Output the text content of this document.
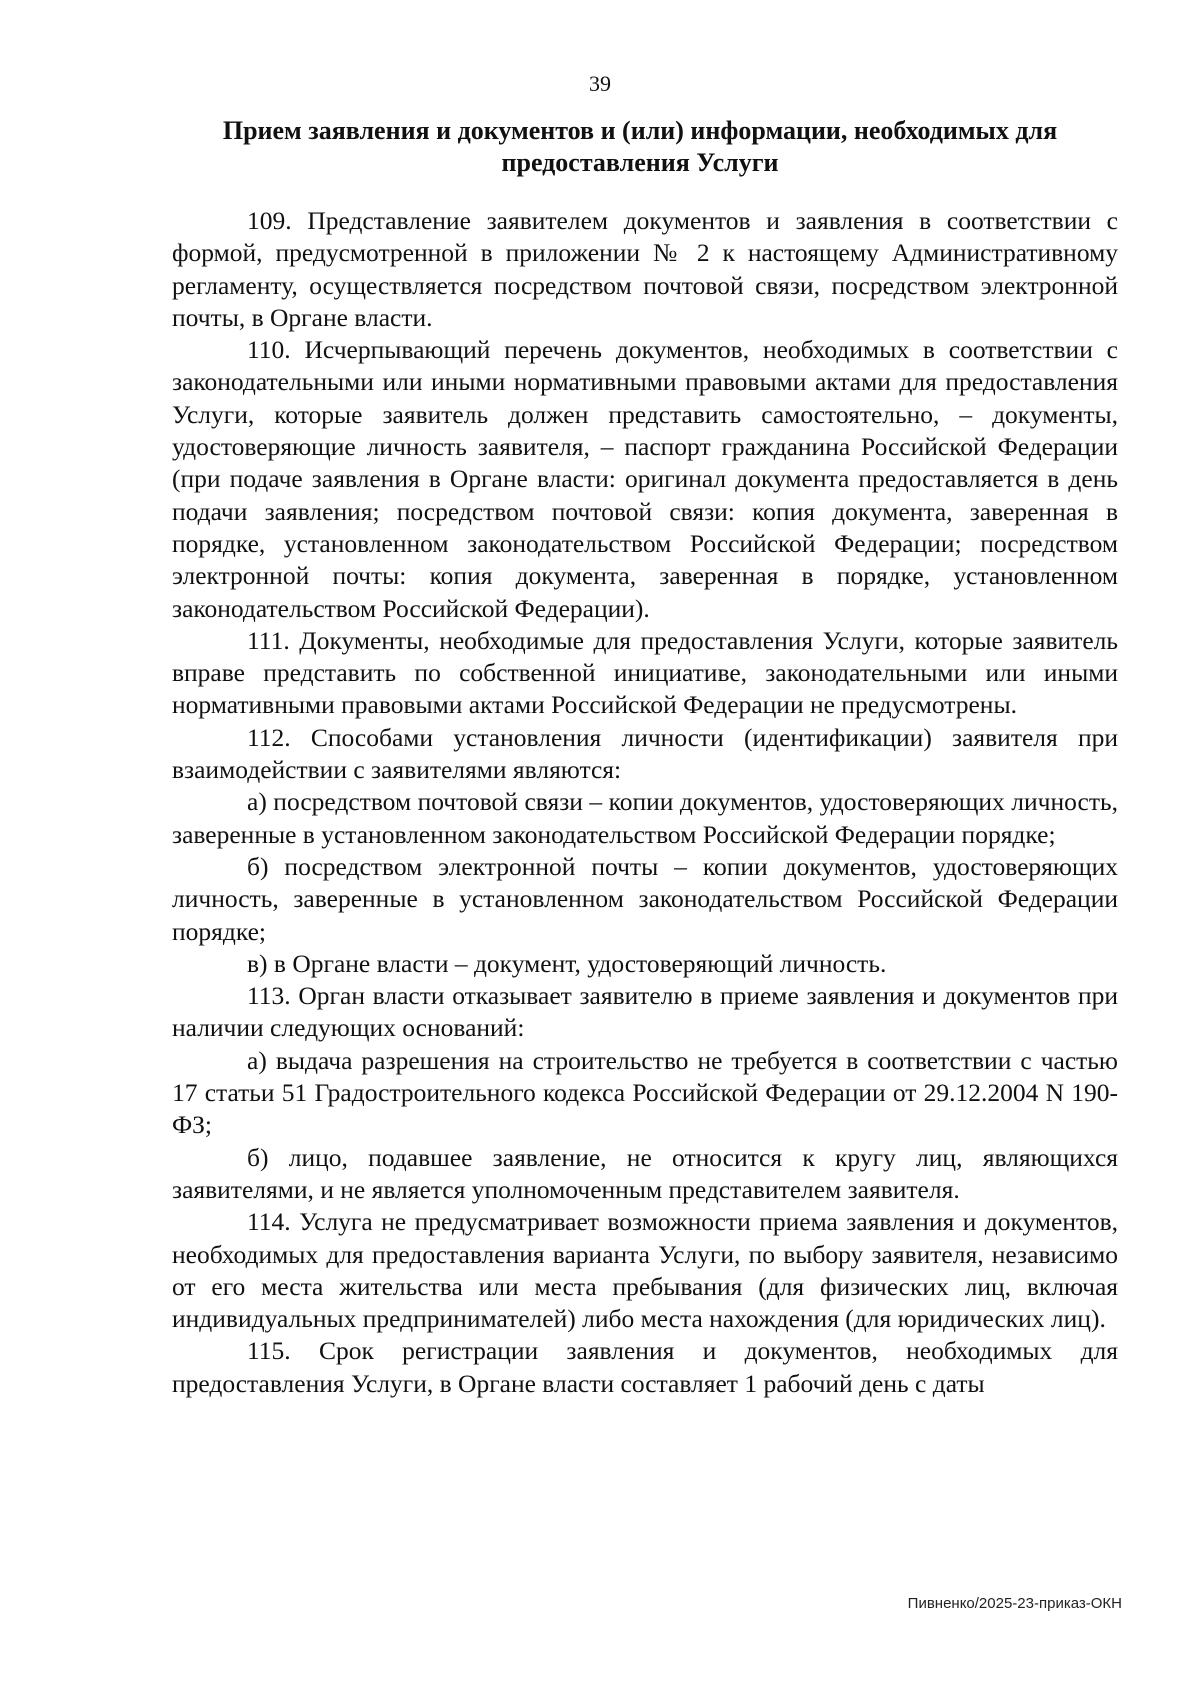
39
Прием заявления и документов и (или) информации, необходимых для
предоставления Услуги

109. Представление заявителем документов и заявления в соответствии с формой, предусмотренной в приложении № 2 к настоящему Административному регламенту, осуществляется посредством почтовой связи, посредством электронной почты, в Органе власти.

110. Исчерпывающий перечень документов, необходимых в соответствии с законодательными или иными нормативными правовыми актами для предоставления Услуги, которые заявитель должен представить самостоятельно, – документы, удостоверяющие личность заявителя, – паспорт гражданина Российской Федерации (при подаче заявления в Органе власти: оригинал документа предоставляется в день подачи заявления; посредством почтовой связи: копия документа, заверенная в порядке, установленном законодательством Российской Федерации; посредством электронной почты: копия документа, заверенная в порядке, установленном законодательством Российской Федерации).

111. Документы, необходимые для предоставления Услуги, которые заявитель вправе представить по собственной инициативе, законодательными или иными нормативными правовыми актами Российской Федерации не предусмотрены.

112. Способами установления личности (идентификации) заявителя при взаимодействии с заявителями являются:

а) посредством почтовой связи – копии документов, удостоверяющих личность, заверенные в установленном законодательством Российской Федерации порядке;

б) посредством электронной почты – копии документов, удостоверяющих личность, заверенные в установленном законодательством Российской Федерации порядке;

в) в Органе власти – документ, удостоверяющий личность.

113. Орган власти отказывает заявителю в приеме заявления и документов при наличии следующих оснований:

а) выдача разрешения на строительство не требуется в соответствии с частью 17 статьи 51 Градостроительного кодекса Российской Федерации от 29.12.2004 N 190-ФЗ;

б) лицо, подавшее заявление, не относится к кругу лиц, являющихся заявителями, и не является уполномоченным представителем заявителя.

114. Услуга не предусматривает возможности приема заявления и документов, необходимых для предоставления варианта Услуги, по выбору заявителя, независимо от его места жительства или места пребывания (для физических лиц, включая индивидуальных предпринимателей) либо места нахождения (для юридических лиц).

115. Срок регистрации заявления и документов, необходимых для предоставления Услуги, в Органе власти составляет 1 рабочий день с даты

Пивненко/2025-23-приказ-ОКН
